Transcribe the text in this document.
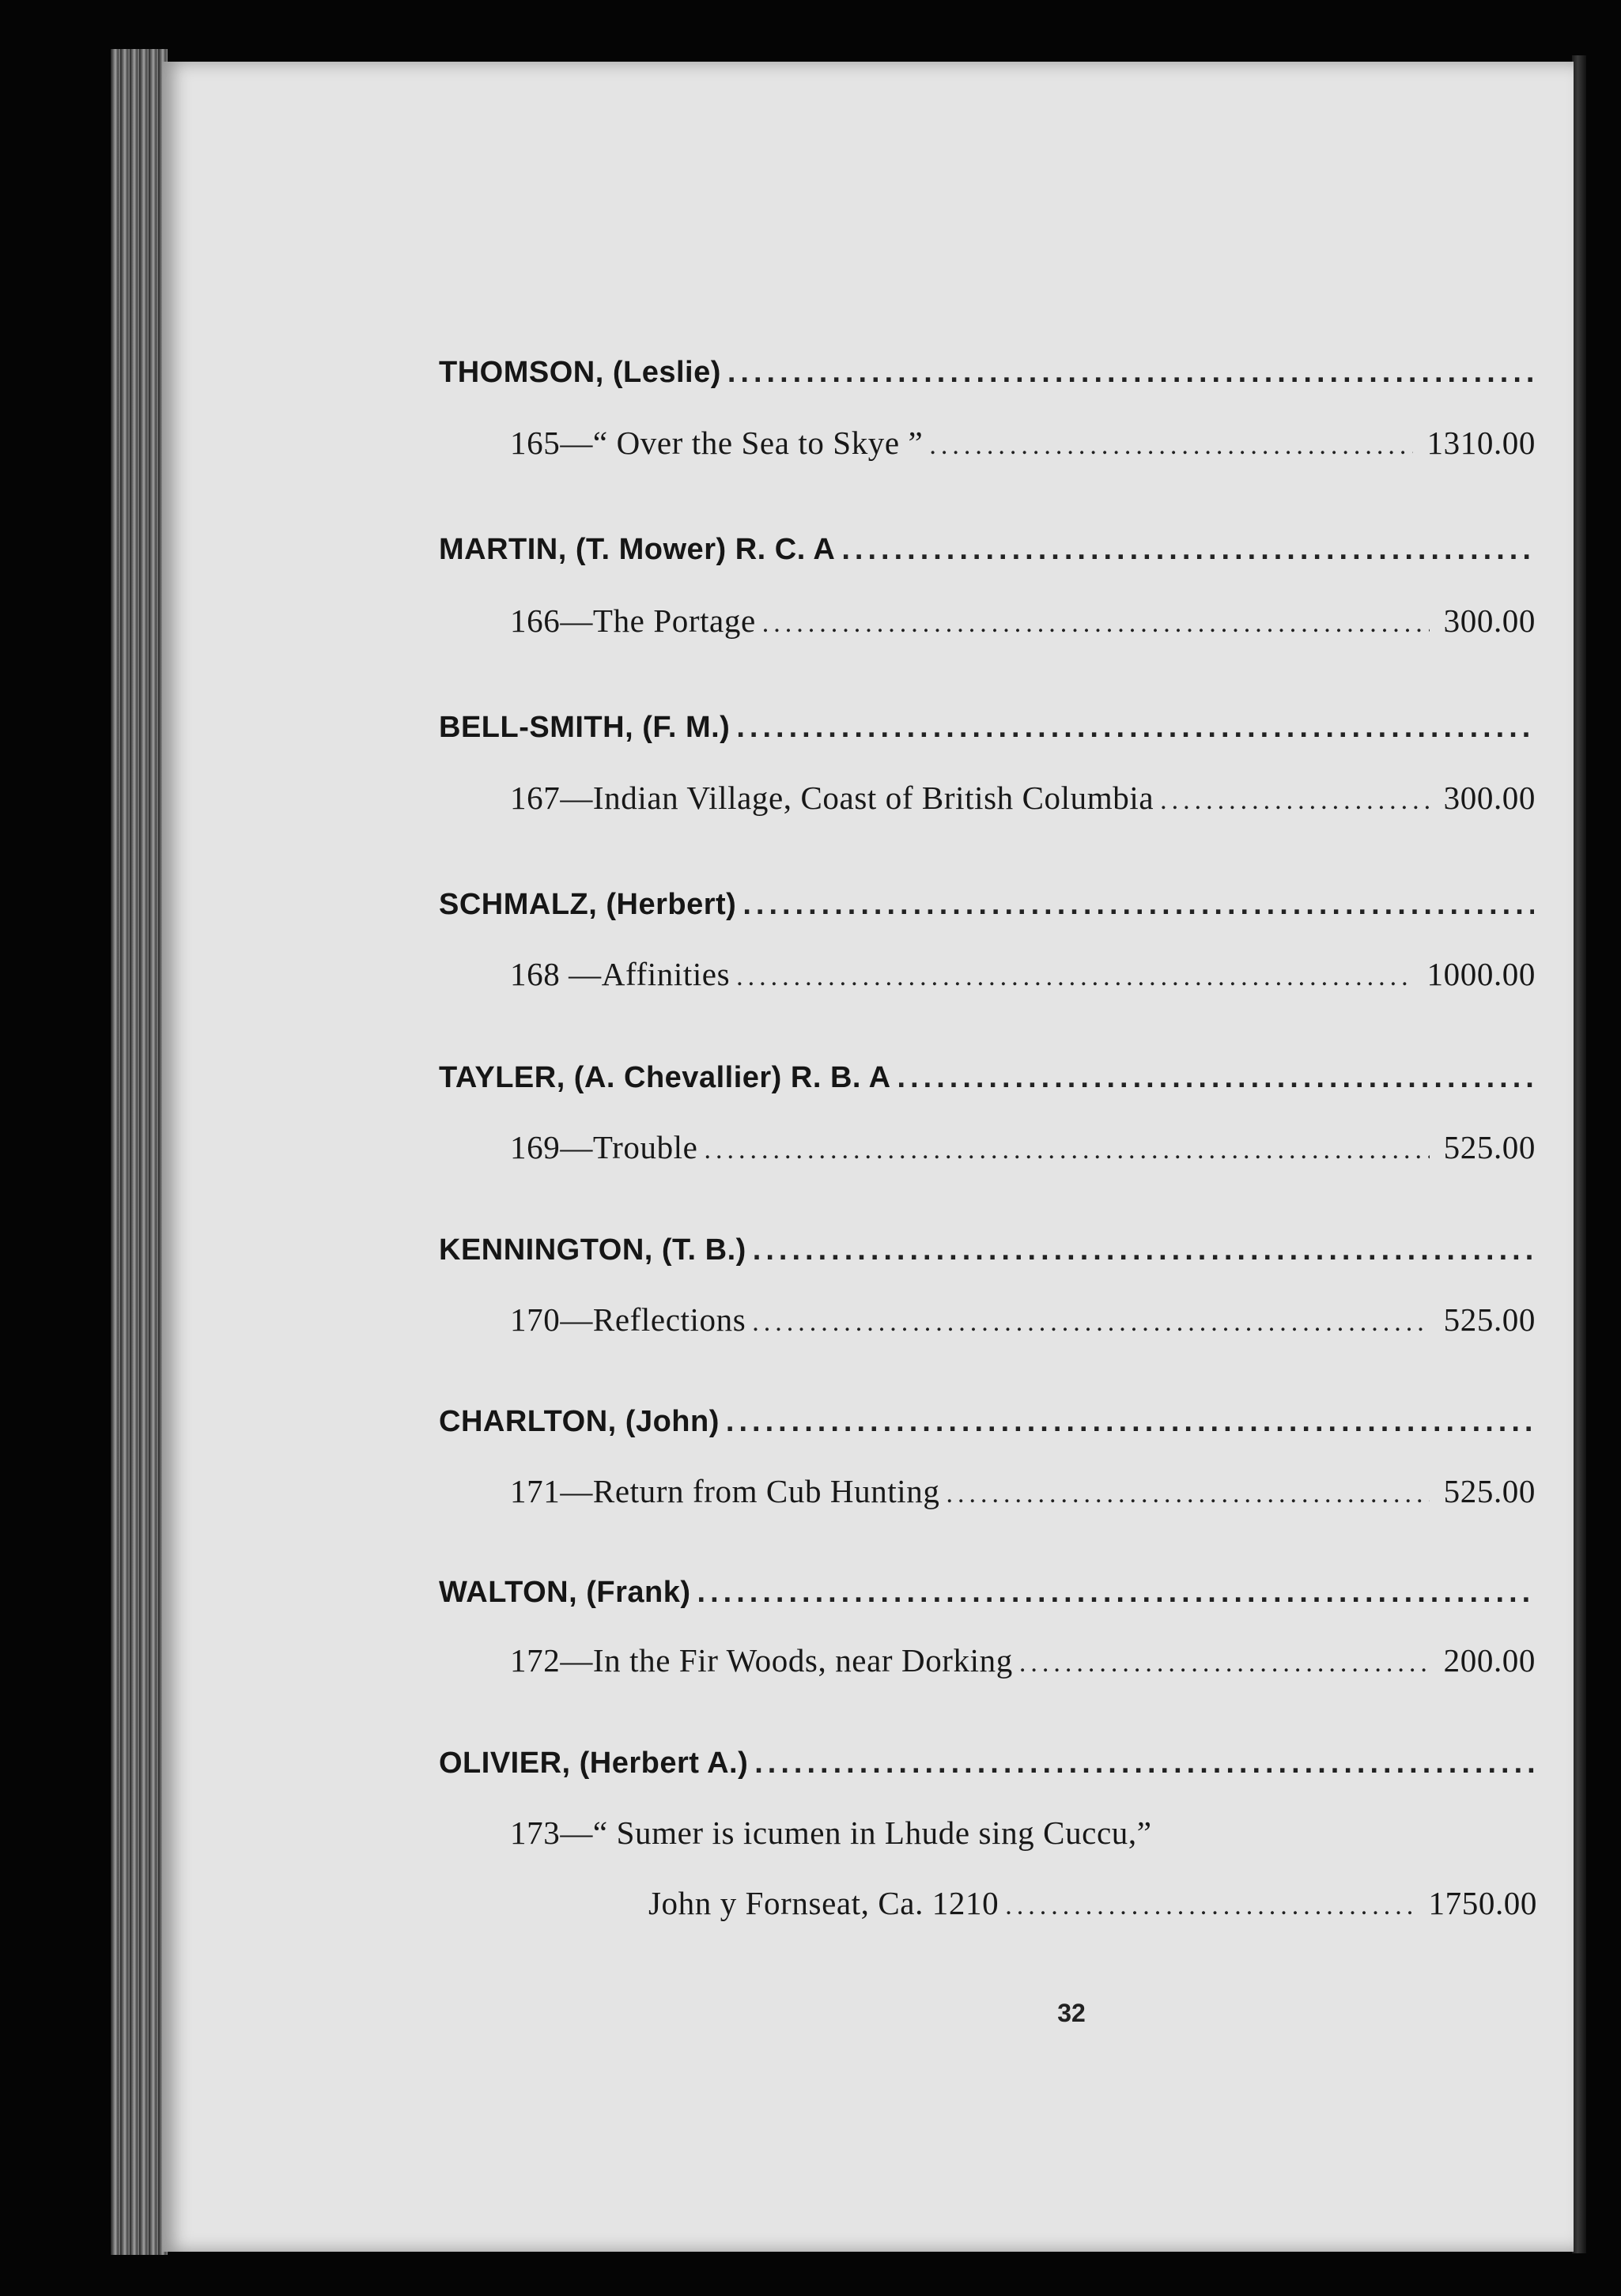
THOMSON, (Leslie)
.....
165—“ Over the Sea to Skye ” .....	1310.00
MARTIN, (T. Mower) R. C. A
.....
166—The Portage .....	300.00
BELL-SMITH, (F. M.)
.....
167—Indian Village, Coast of British Columbia .....	300.00
SCHMALZ, (Herbert)
.....
168 —Affinities .....	1000.00
TAYLER, (A. Chevallier) R. B. A
.....
169—Trouble .....	525.00
KENNINGTON, (T. B.)
.....
170—Reflections .....	525.00
CHARLTON, (John)
.....
171—Return from Cub Hunting .....	525.00
WALTON, (Frank)
.....
172—In the Fir Woods, near Dorking .....	200.00
OLIVIER, (Herbert A.)
.....
173—“ Sumer is icumen in Lhude sing Cuccu,”
John y Fornseat, Ca. 1210 .....	1750.00
32
